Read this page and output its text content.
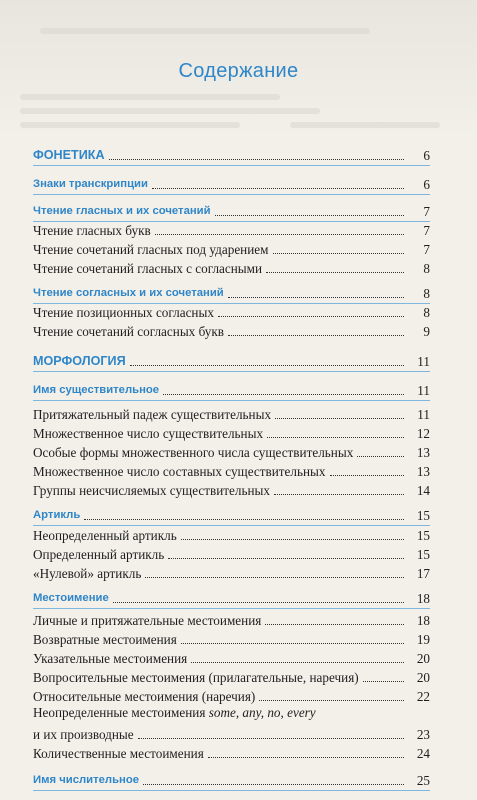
Содержание
ФОНЕТИКА	6
Знаки транскрипции	6
Чтение гласных и их сочетаний	7
Чтение гласных букв	7
Чтение сочетаний гласных под ударением	7
Чтение сочетаний гласных с согласными	8
Чтение согласных и их сочетаний	8
Чтение позиционных согласных	8
Чтение сочетаний согласных букв	9
МОРФОЛОГИЯ	11
Имя существительное	11
Притяжательный падеж существительных	11
Множественное число существительных	12
Особые формы множественного числа существительных	13
Множественное число составных существительных	13
Группы неисчисляемых существительных	14
Артикль	15
Неопределенный артикль	15
Определенный артикль	15
«Нулевой» артикль	17
Местоимение	18
Личные и притяжательные местоимения	18
Возвратные местоимения	19
Указательные местоимения	20
Вопросительные местоимения (прилагательные, наречия)	20
Относительные местоимения (наречия)	22
Неопределенные местоимения some, any, no, every
и их производные	23
Количественные местоимения	24
Имя числительное	25
